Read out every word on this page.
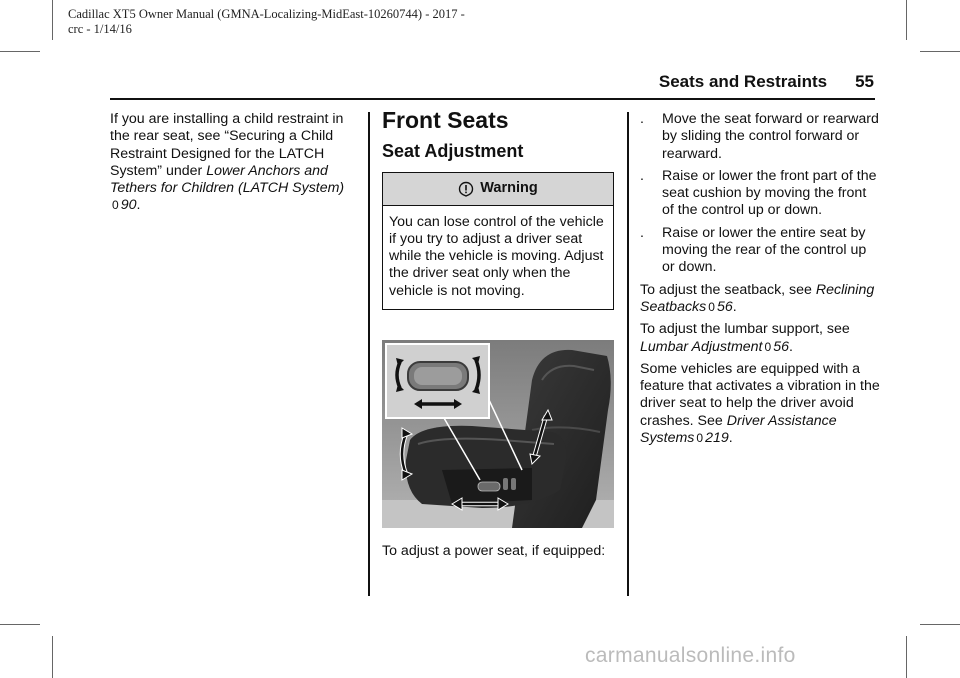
Cadillac XT5 Owner Manual (GMNA-Localizing-MidEast-10260744) - 2017 -
crc - 1/14/16
Seats and Restraints 55
If you are installing a child restraint in the rear seat, see “Securing a Child Restraint Designed for the LATCH System” under Lower Anchors and Tethers for Children (LATCH System) 0 90.
Front Seats
Seat Adjustment
Warning
You can lose control of the vehicle if you try to adjust a driver seat while the vehicle is moving. Adjust the driver seat only when the vehicle is not moving.
To adjust a power seat, if equipped:
.	Move the seat forward or rearward by sliding the control forward or rearward.
.	Raise or lower the front part of the seat cushion by moving the front of the control up or down.
.	Raise or lower the entire seat by moving the rear of the control up or down.
To adjust the seatback, see Reclining Seatbacks 0 56.
To adjust the lumbar support, see Lumbar Adjustment 0 56.
Some vehicles are equipped with a feature that activates a vibration in the driver seat to help the driver avoid crashes. See Driver Assistance Systems 0 219.
carmanualsonline.info
